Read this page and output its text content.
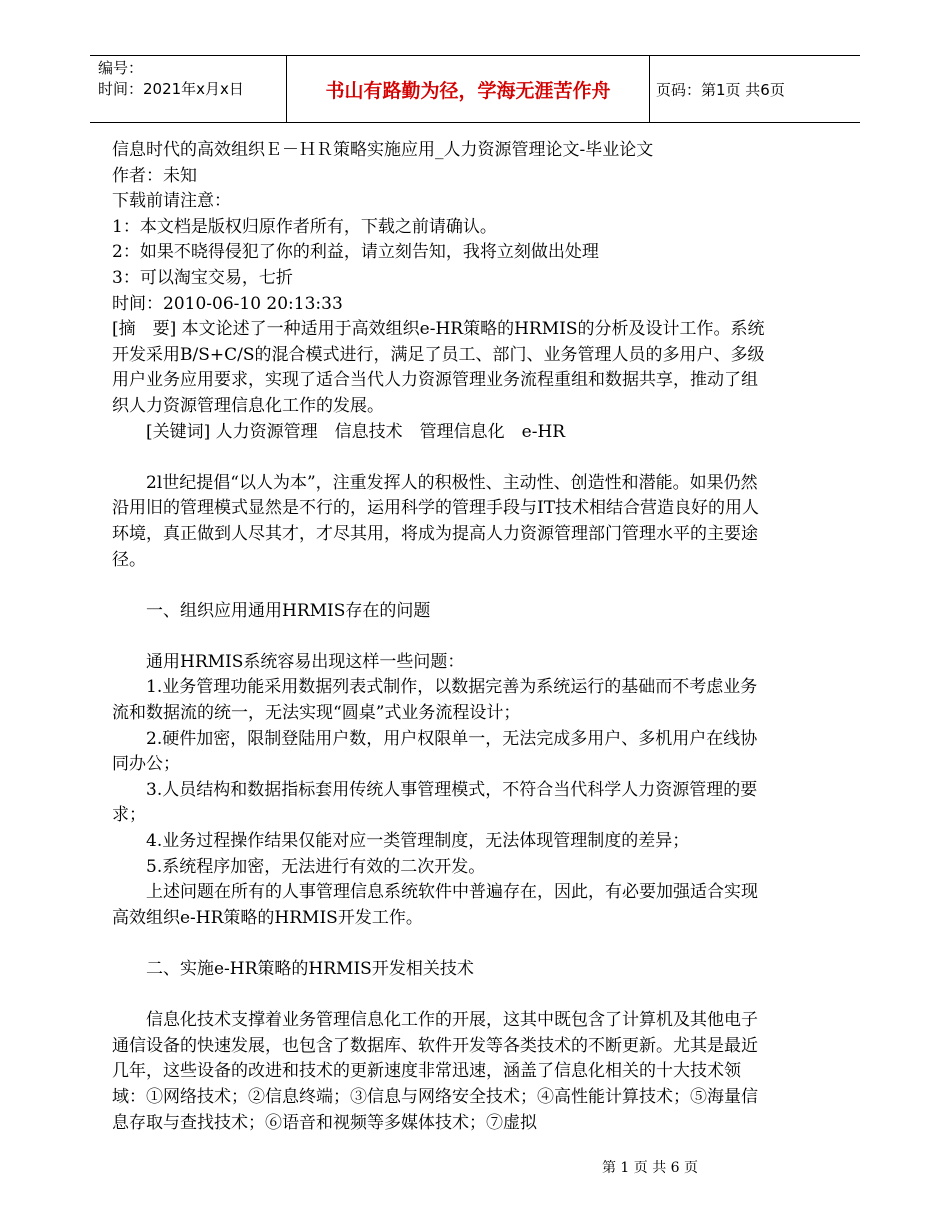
编号：
时间：2021年x月x日	书山有路勤为径，学海无涯苦作舟	页码：第1页 共6页

信息时代的高效组织Ｅ－ＨＲ策略实施应用_人力资源管理论文-毕业论文

作者：未知

下载前请注意：

1：本文档是版权归原作者所有，下载之前请确认。

2：如果不晓得侵犯了你的利益，请立刻告知，我将立刻做出处理

3：可以淘宝交易，七折

时间：2010-06-10 20:13:33

[摘　要] 本文论述了一种适用于高效组织e-HR策略的HRMIS的分析及设计工作。系统开发采用B/S+C/S的混合模式进行，满足了员工、部门、业务管理人员的多用户、多级用户业务应用要求，实现了适合当代人力资源管理业务流程重组和数据共享，推动了组织人力资源管理信息化工作的发展。

[关键词] 人力资源管理　信息技术　管理信息化　e-HR

2l世纪提倡“以人为本”，注重发挥人的积极性、主动性、创造性和潜能。如果仍然沿用旧的管理模式显然是不行的，运用科学的管理手段与IT技术相结合营造良好的用人环境，真正做到人尽其才，才尽其用，将成为提高人力资源管理部门管理水平的主要途径。

一、组织应用通用HRMIS存在的问题

通用HRMIS系统容易出现这样一些问题：

1.业务管理功能采用数据列表式制作，以数据完善为系统运行的基础而不考虑业务流和数据流的统一，无法实现“圆桌”式业务流程设计；

2.硬件加密，限制登陆用户数，用户权限单一，无法完成多用户、多机用户在线协同办公；

3.人员结构和数据指标套用传统人事管理模式，不符合当代科学人力资源管理的要求；

4.业务过程操作结果仅能对应一类管理制度，无法体现管理制度的差异；

5.系统程序加密，无法进行有效的二次开发。

上述问题在所有的人事管理信息系统软件中普遍存在，因此，有必要加强适合实现高效组织e-HR策略的HRMIS开发工作。

二、实施e-HR策略的HRMIS开发相关技术

信息化技术支撑着业务管理信息化工作的开展，这其中既包含了计算机及其他电子通信设备的快速发展，也包含了数据库、软件开发等各类技术的不断更新。尤其是最近几年，这些设备的改进和技术的更新速度非常迅速，涵盖了信息化相关的十大技术领域：①网络技术；②信息终端；③信息与网络安全技术；④高性能计算技术；⑤海量信息存取与查找技术；⑥语音和视频等多媒体技术；⑦虚拟

第 1 页 共 6 页
